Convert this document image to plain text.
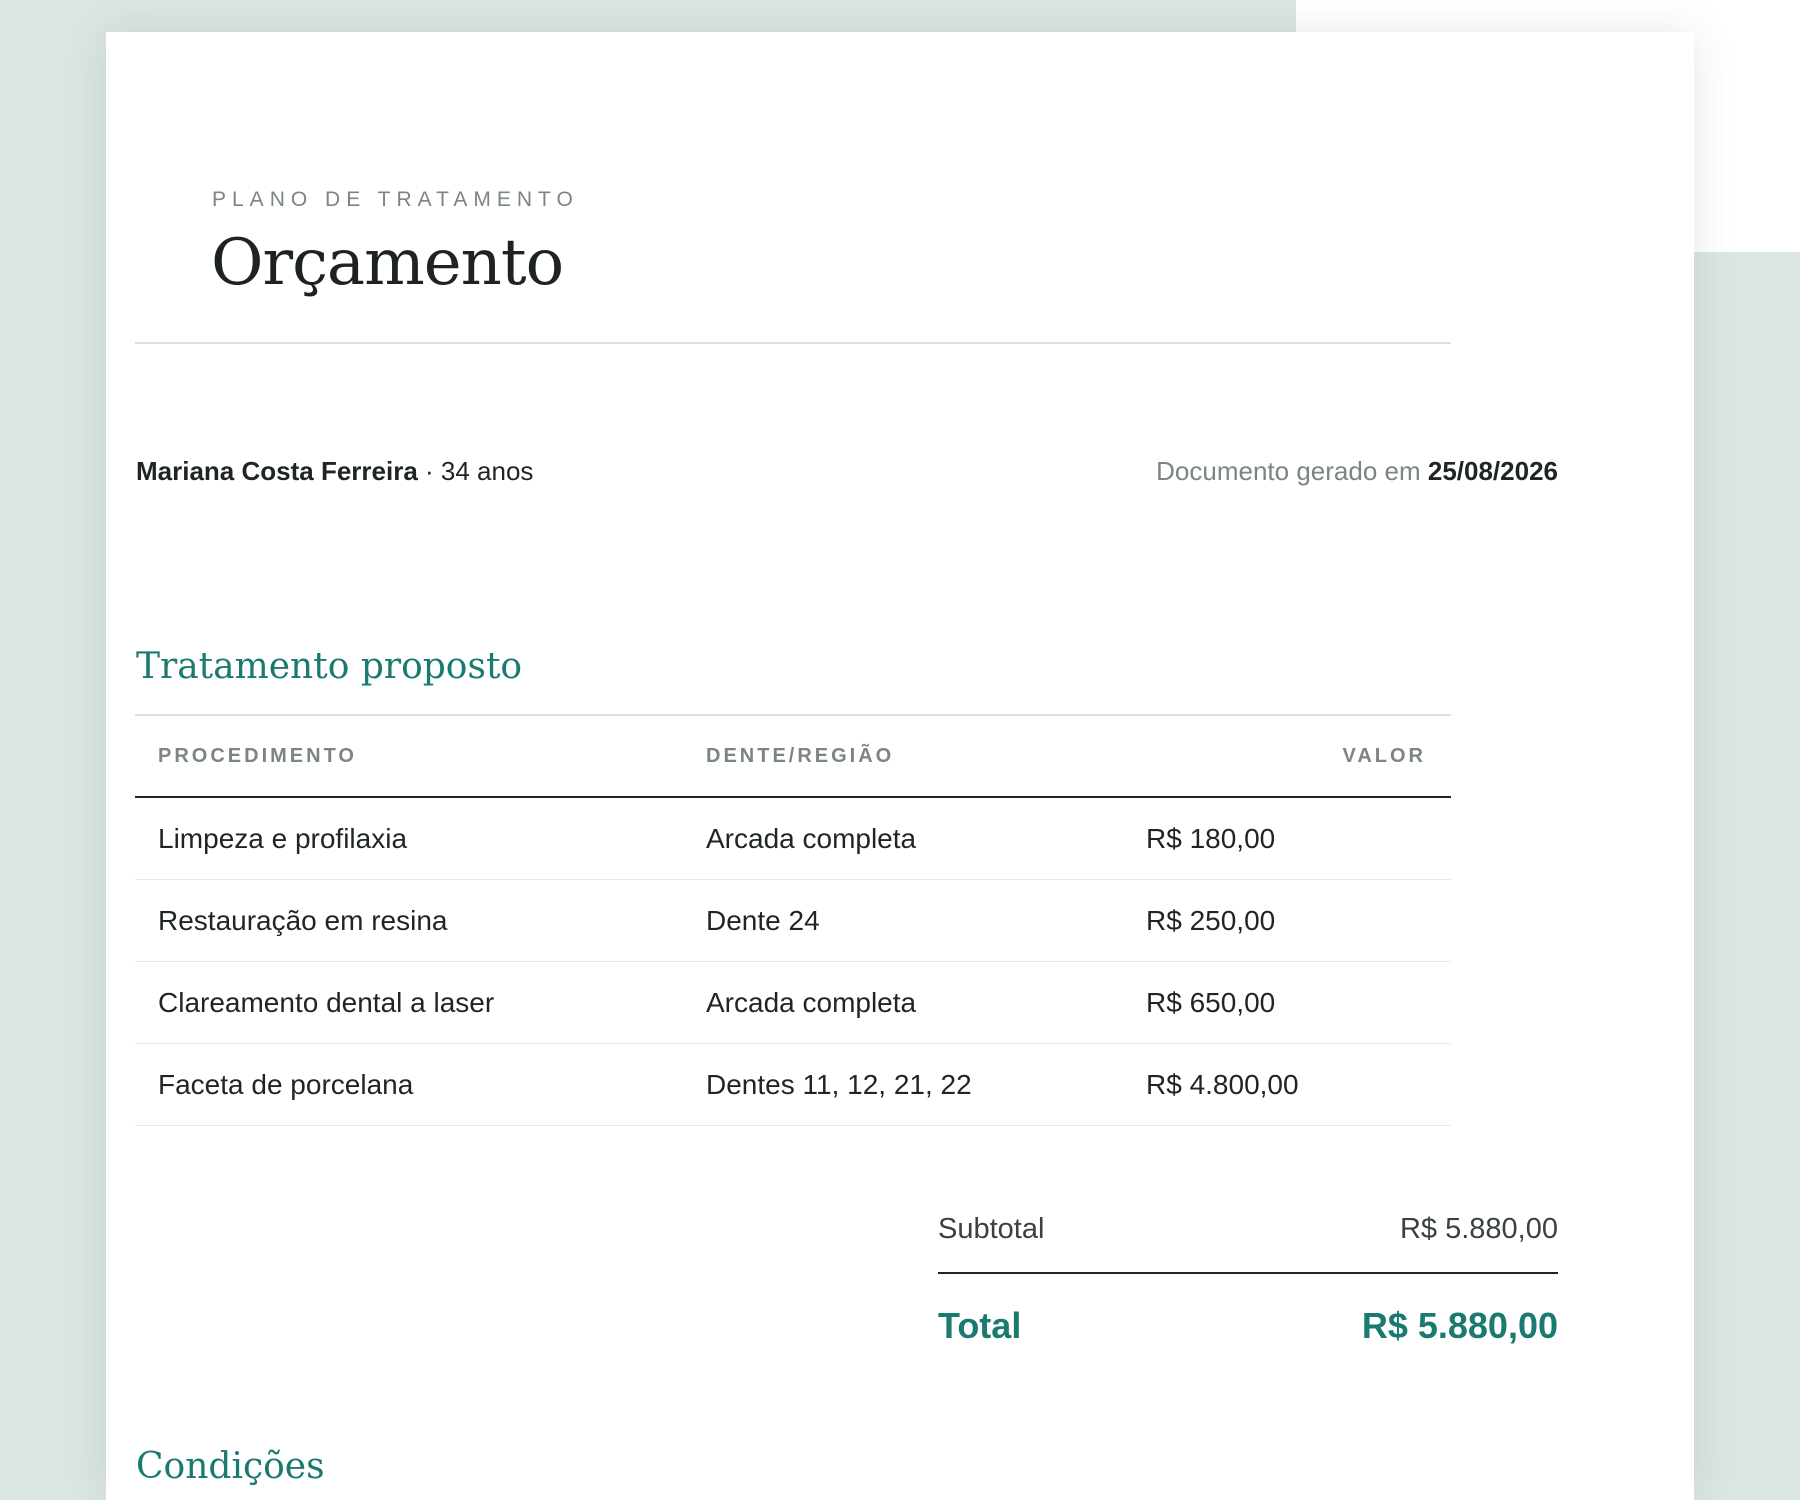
PLANO DE TRATAMENTO
Orçamento
Mariana Costa Ferreira · 34 anos	Documento gerado em 25/08/2026
Tratamento proposto
PROCEDIMENTO	DENTE/REGIÃO	VALOR
Limpeza e profilaxia	Arcada completa	R$ 180,00
Restauração em resina	Dente 24	R$ 250,00
Clareamento dental a laser	Arcada completa	R$ 650,00
Faceta de porcelana	Dentes 11, 12, 21, 22	R$ 4.800,00
Subtotal	R$ 5.880,00
Total	R$ 5.880,00
Condições
